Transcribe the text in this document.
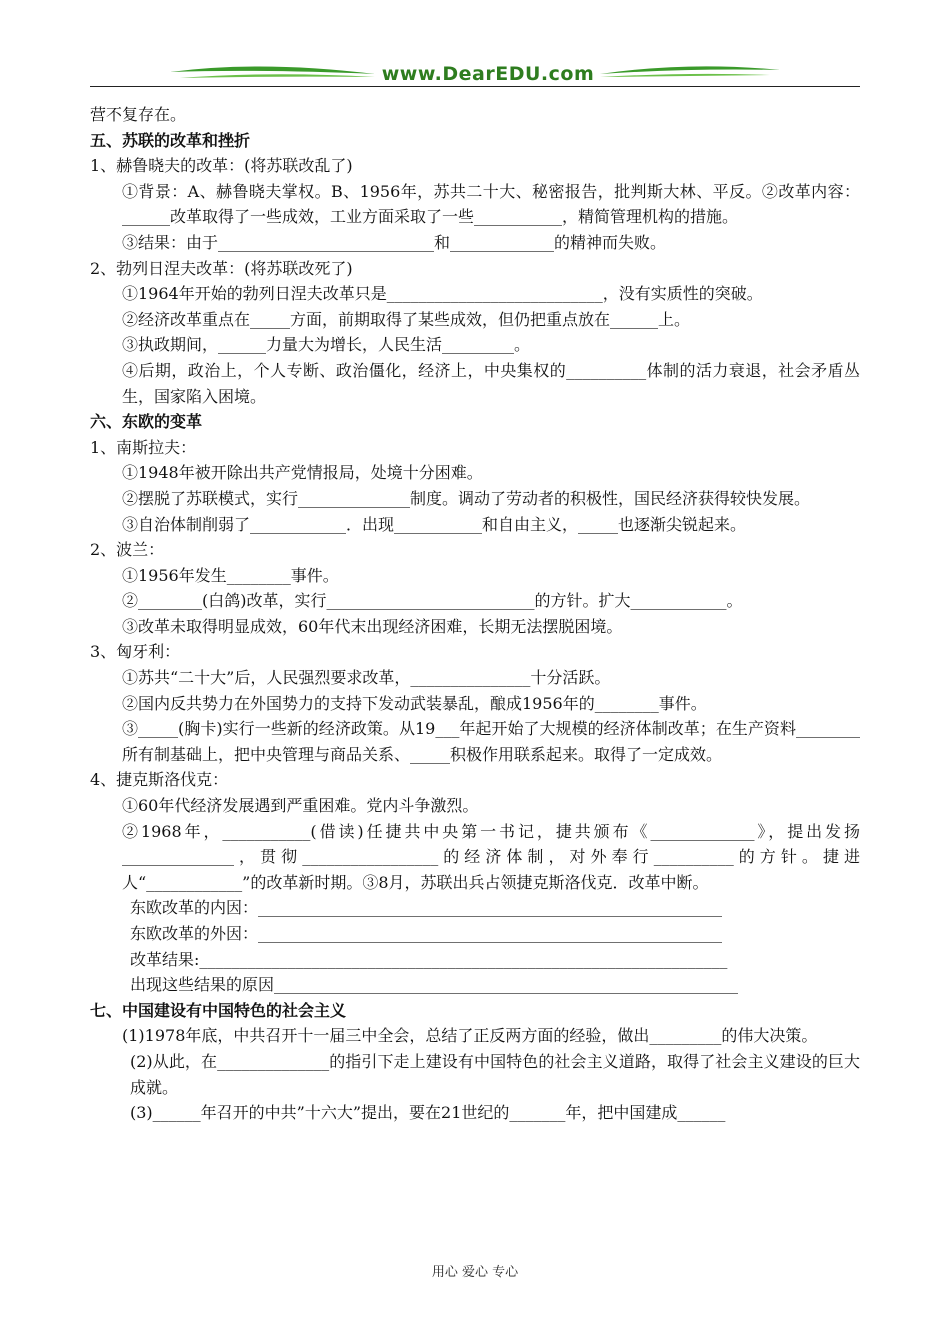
www.DearEDU.com
营不复存在。
五、苏联的改革和挫折
1、赫鲁晓夫的改革：(将苏联改乱了)
①背景：A、赫鲁晓夫掌权。B、1956年，苏共二十大、秘密报告，批判斯大林、平反。②改革内容：______改革取得了一些成效，工业方面采取了一些___________，精简管理机构的措施。
③结果：由于___________________________和_____________的精神而失败。
2、勃列日涅夫改革：(将苏联改死了)
①1964年开始的勃列日涅夫改革只是___________________________，没有实质性的突破。
②经济改革重点在_____方面，前期取得了某些成效，但仍把重点放在______上。
③执政期间，______力量大为增长，人民生活_________。
④后期，政治上，个人专断、政治僵化，经济上，中央集权的__________体制的活力衰退，社会矛盾丛生，国家陷入困境。
六、东欧的变革
1、南斯拉夫：
①1948年被开除出共产党情报局，处境十分困难。
②摆脱了苏联模式，实行______________制度。调动了劳动者的积极性，国民经济获得较快发展。
③自治体制削弱了____________．出现___________和自由主义，_____也逐渐尖锐起来。
2、波兰：
①1956年发生________事件。
②________(白鸽)改革，实行__________________________的方针。扩大____________。
③改革未取得明显成效，60年代末出现经济困难，长期无法摆脱困境。
3、匈牙利：
①苏共“二十大”后，人民强烈要求改革，_______________十分活跃。
②国内反共势力在外国势力的支持下发动武装暴乱，酿成1956年的________事件。
③_____(胸卡)实行一些新的经济政策。从19___年起开始了大规模的经济体制改革；在生产资料________所有制基础上，把中央管理与商品关系、_____积极作用联系起来。取得了一定成效。
4、捷克斯洛伐克：
①60年代经济发展遇到严重困难。党内斗争激烈。
②1968年，___________(借读)任捷共中央第一书记，捷共颁布《_____________》，提出发扬______________，贯彻_________________的经济体制，对外奉行__________的方针。捷进人“____________”的改革新时期。③8月，苏联出兵占领捷克斯洛伐克．改革中断。
东欧改革的内因：__________________________________________________________
东欧改革的外因：__________________________________________________________
改革结果:__________________________________________________________________
出现这些结果的原因__________________________________________________________
七、中国建设有中国特色的社会主义
(1)1978年底，中共召开十一届三中全会，总结了正反两方面的经验，做出_________的伟大决策。
(2)从此，在______________的指引下走上建设有中国特色的社会主义道路，取得了社会主义建设的巨大成就。
(3)______年召开的中共”十六大”提出，要在21世纪的_______年，把中国建成______
用心 爱心 专心
